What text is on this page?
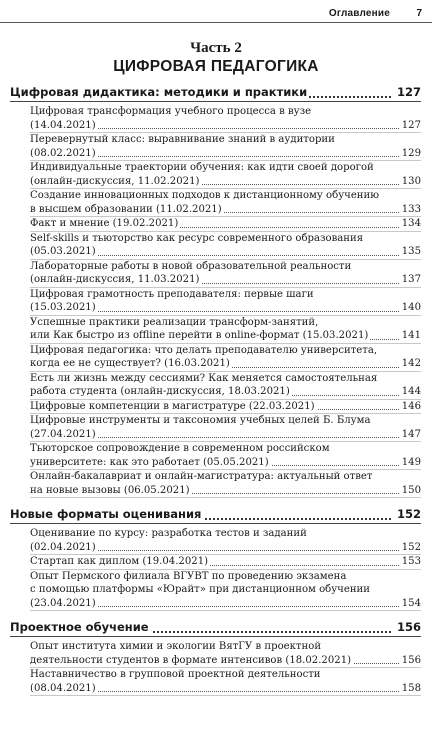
Оглавление	7
Часть 2
ЦИФРОВАЯ ПЕДАГОГИКА
Цифровая дидактика: методики и практики	127
Цифровая трансформация учебного процесса в вузе
(14.04.2021)	127
Перевернутый класс: выравнивание знаний в аудитории
(08.02.2021)	129
Индивидуальные траектории обучения: как идти своей дорогой
(онлайн-дискуссия, 11.02.2021)	130
Создание инновационных подходов к дистанционному обучению
в высшем образовании (11.02.2021)	133
Факт и мнение (19.02.2021)	134
Self-skills и тьюторство как ресурс современного образования
(05.03.2021)	135
Лабораторные работы в новой образовательной реальности
(онлайн-дискуссия, 11.03.2021)	137
Цифровая грамотность преподавателя: первые шаги
(15.03.2021)	140
Успешные практики реализации трансформ-занятий,
или Как быстро из offline перейти в online-формат (15.03.2021)	141
Цифровая педагогика: что делать преподавателю университета,
когда ее не существует? (16.03.2021)	142
Есть ли жизнь между сессиями? Как меняется самостоятельная
работа студента (онлайн-дискуссия, 18.03.2021)	144
Цифровые компетенции в магистратуре (22.03.2021)	146
Цифровые инструменты и таксономия учебных целей Б. Блума
(27.04.2021)	147
Тьюторское сопровождение в современном российском
университете: как это работает (05.05.2021)	149
Онлайн-бакалавриат и онлайн-магистратура: актуальный ответ
на новые вызовы (06.05.2021)	150
Новые форматы оценивания	152
Оценивание по курсу: разработка тестов и заданий
(02.04.2021)	152
Стартап как диплом (19.04.2021)	153
Опыт Пермского филиала ВГУВТ по проведению экзамена
с помощью платформы «Юрайт» при дистанционном обучении
(23.04.2021)	154
Проектное обучение	156
Опыт института химии и экологии ВятГУ в проектной
деятельности студентов в формате интенсивов (18.02.2021)	156
Наставничество в групповой проектной деятельности
(08.04.2021)	158
